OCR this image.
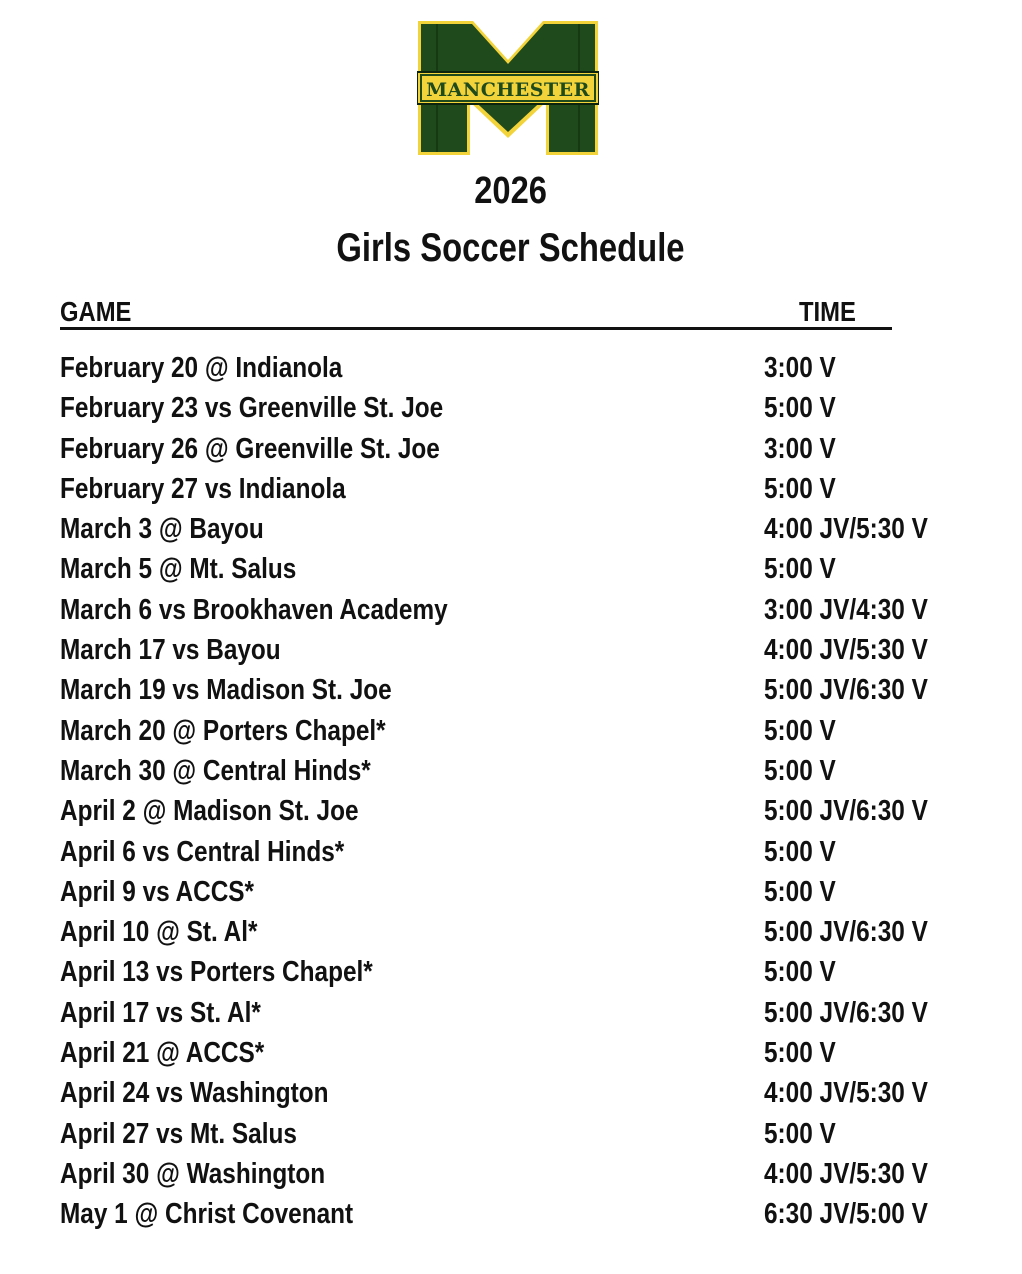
MANCHESTER
2026
Girls Soccer Schedule
GAME	TIME
February 20 @ Indianola	3:00 V
February 23 vs Greenville St. Joe	5:00 V
February 26 @ Greenville St. Joe	3:00 V
February 27 vs Indianola	5:00 V
March 3 @ Bayou	4:00 JV/5:30 V
March 5 @ Mt. Salus	5:00 V
March 6 vs Brookhaven Academy	3:00 JV/4:30 V
March 17 vs Bayou	4:00 JV/5:30 V
March 19 vs Madison St. Joe	5:00 JV/6:30 V
March 20 @ Porters Chapel*	5:00 V
March 30 @ Central Hinds*	5:00 V
April 2 @ Madison St. Joe	5:00 JV/6:30 V
April 6 vs Central Hinds*	5:00 V
April 9 vs ACCS*	5:00 V
April 10 @ St. Al*	5:00 JV/6:30 V
April 13 vs Porters Chapel*	5:00 V
April 17 vs St. Al*	5:00 JV/6:30 V
April 21 @ ACCS*	5:00 V
April 24 vs Washington	4:00 JV/5:30 V
April 27 vs Mt. Salus	5:00 V
April 30 @ Washington	4:00 JV/5:30 V
May 1 @ Christ Covenant	6:30 JV/5:00 V
